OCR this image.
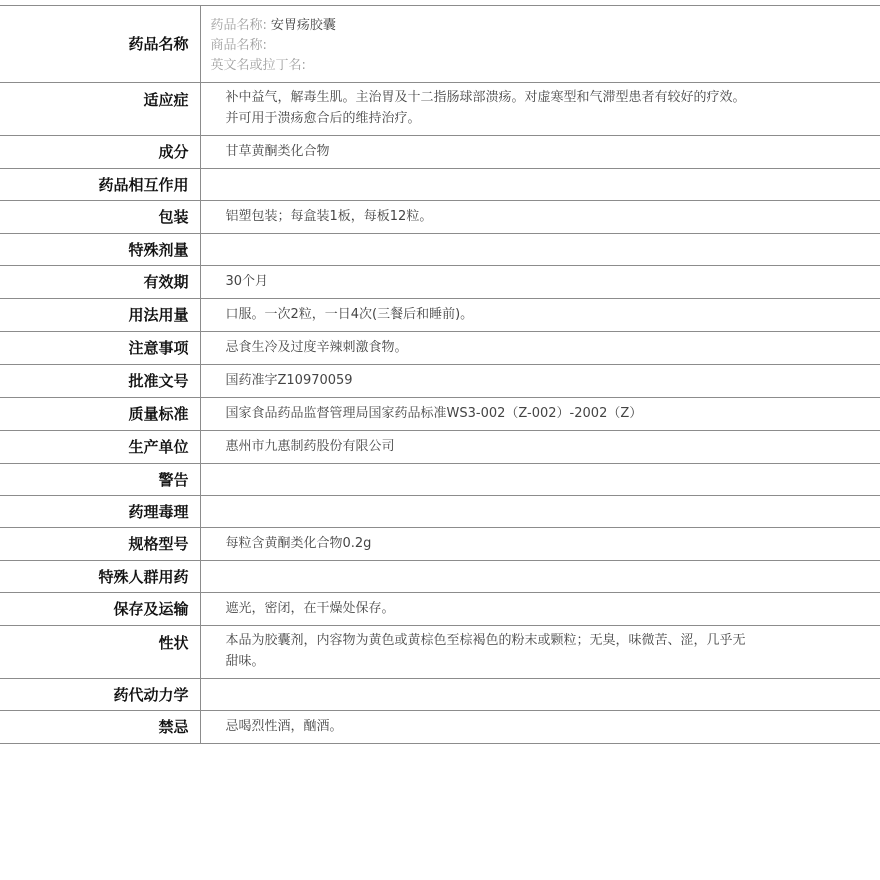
药品名称	药品名称: 安胃疡胶囊
商品名称:
英文名或拉丁名:

适应症	补中益气，解毒生肌。主治胃及十二指肠球部溃疡。对虚寒型和气滞型患者有较好的疗效。
并可用于溃疡愈合后的维持治疗。

成分	甘草黄酮类化合物

药品相互作用	

包装	铝塑包装；每盒装1板，每板12粒。

特殊剂量	

有效期	30个月

用法用量	口服。一次2粒，一日4次(三餐后和睡前)。

注意事项	忌食生冷及过度辛辣刺激食物。

批准文号	国药准字Z10970059

质量标准	国家食品药品监督管理局国家药品标准WS3-002（Z-002）-2002（Z）

生产单位	惠州市九惠制药股份有限公司

警告	

药理毒理	

规格型号	每粒含黄酮类化合物0.2g

特殊人群用药	

保存及运输	遮光，密闭，在干燥处保存。

性状	本品为胶囊剂，内容物为黄色或黄棕色至棕褐色的粉末或颗粒；无臭，味微苦、涩，几乎无
甜味。

药代动力学	

禁忌	忌喝烈性酒，酗酒。
